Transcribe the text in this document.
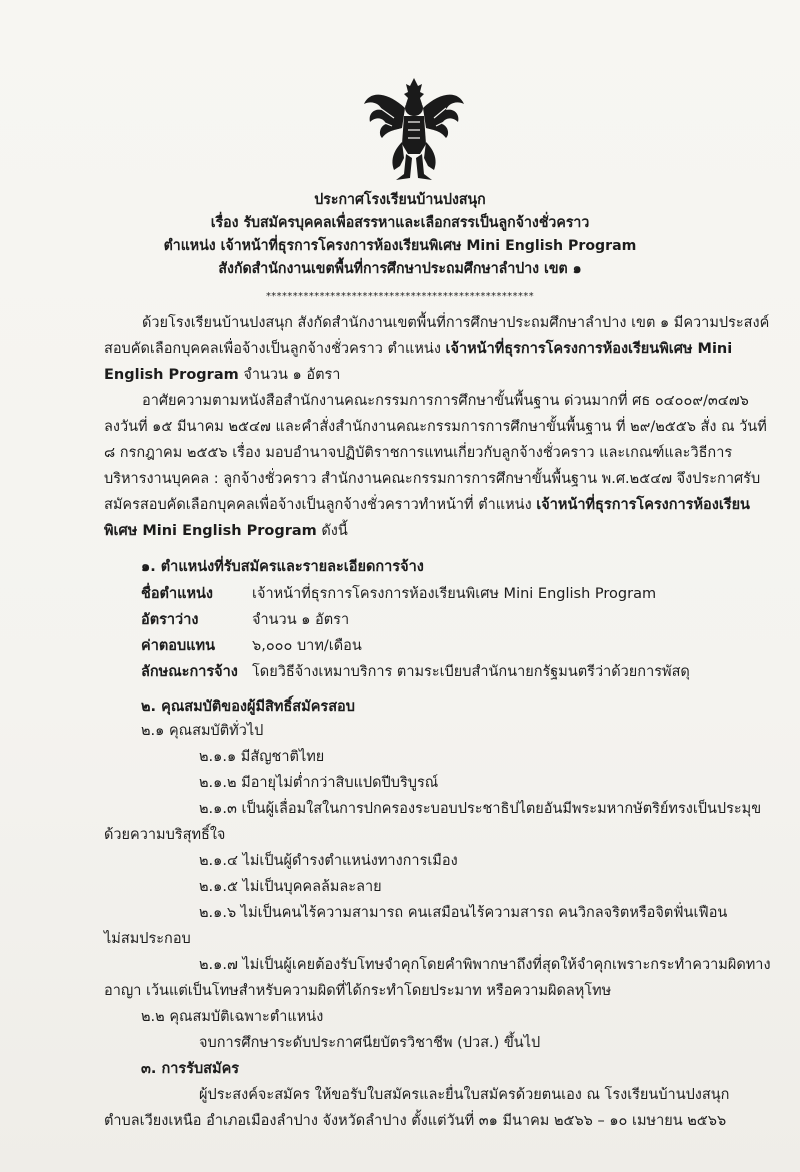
ประกาศโรงเรียนบ้านปงสนุก
เรื่อง รับสมัครบุคคลเพื่อสรรหาและเลือกสรรเป็นลูกจ้างชั่วคราว
ตำแหน่ง เจ้าหน้าที่ธุรการโครงการห้องเรียนพิเศษ Mini English Program
สังกัดสำนักงานเขตพื้นที่การศึกษาประถมศึกษาลำปาง เขต ๑
**************************************************
ด้วยโรงเรียนบ้านปงสนุก สังกัดสำนักงานเขตพื้นที่การศึกษาประถมศึกษาลำปาง เขต ๑ มีความประสงค์
สอบคัดเลือกบุคคลเพื่อจ้างเป็นลูกจ้างชั่วคราว ตำแหน่ง เจ้าหน้าที่ธุรการโครงการห้องเรียนพิเศษ Mini
English Program จำนวน ๑ อัตรา
อาศัยความตามหนังสือสำนักงานคณะกรรมการการศึกษาขั้นพื้นฐาน ด่วนมากที่ ศธ ๐๔๐๐๙/๓๔๗๖
ลงวันที่ ๑๕ มีนาคม ๒๕๔๗ และคำสั่งสำนักงานคณะกรรมการการศึกษาขั้นพื้นฐาน ที่ ๒๙/๒๕๕๖ สั่ง ณ วันที่
๘ กรกฎาคม ๒๕๕๖ เรื่อง มอบอำนาจปฏิบัติราชการแทนเกี่ยวกับลูกจ้างชั่วคราว และเกณฑ์และวิธีการ
บริหารงานบุคคล : ลูกจ้างชั่วคราว สำนักงานคณะกรรมการการศึกษาขั้นพื้นฐาน พ.ศ.๒๕๔๗ จึงประกาศรับ
สมัครสอบคัดเลือกบุคคลเพื่อจ้างเป็นลูกจ้างชั่วคราวทำหน้าที่ ตำแหน่ง เจ้าหน้าที่ธุรการโครงการห้องเรียน
พิเศษ Mini English Program ดังนี้
๑. ตำแหน่งที่รับสมัครและรายละเอียดการจ้าง
ชื่อตำแหน่ง	เจ้าหน้าที่ธุรการโครงการห้องเรียนพิเศษ Mini English Program
อัตราว่าง	จำนวน ๑ อัตรา
ค่าตอบแทน	๖,๐๐๐ บาท/เดือน
ลักษณะการจ้าง โดยวิธีจ้างเหมาบริการ ตามระเบียบสำนักนายกรัฐมนตรีว่าด้วยการพัสดุ
๒. คุณสมบัติของผู้มีสิทธิ์สมัครสอบ
๒.๑ คุณสมบัติทั่วไป
๒.๑.๑ มีสัญชาติไทย
๒.๑.๒ มีอายุไม่ต่ำกว่าสิบแปดปีบริบูรณ์
๒.๑.๓ เป็นผู้เลื่อมใสในการปกครองระบอบประชาธิปไตยอันมีพระมหากษัตริย์ทรงเป็นประมุข
ด้วยความบริสุทธิ์ใจ
๒.๑.๔ ไม่เป็นผู้ดำรงตำแหน่งทางการเมือง
๒.๑.๕ ไม่เป็นบุคคลล้มละลาย
๒.๑.๖ ไม่เป็นคนไร้ความสามารถ คนเสมือนไร้ความสารถ คนวิกลจริตหรือจิตฟั่นเฟือน
ไม่สมประกอบ
๒.๑.๗ ไม่เป็นผู้เคยต้องรับโทษจำคุกโดยคำพิพากษาถึงที่สุดให้จำคุกเพราะกระทำความผิดทาง
อาญา เว้นแต่เป็นโทษสำหรับความผิดที่ได้กระทำโดยประมาท หรือความผิดลหุโทษ
๒.๒ คุณสมบัติเฉพาะตำแหน่ง
จบการศึกษาระดับประกาศนียบัตรวิชาชีพ (ปวส.) ขึ้นไป
๓. การรับสมัคร
ผู้ประสงค์จะสมัคร ให้ขอรับใบสมัครและยื่นใบสมัครด้วยตนเอง ณ โรงเรียนบ้านปงสนุก
ตำบลเวียงเหนือ อำเภอเมืองลำปาง จังหวัดลำปาง ตั้งแต่วันที่ ๓๑ มีนาคม ๒๕๖๖ – ๑๐ เมษายน ๒๕๖๖
